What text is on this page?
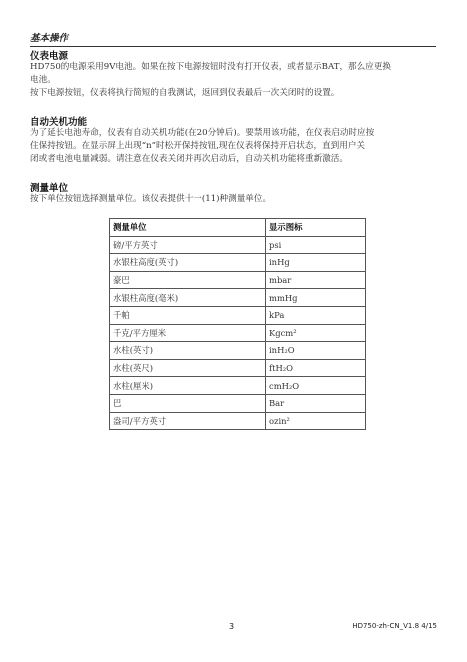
基本操作
仪表电源
HD750的电源采用9V电池。如果在按下电源按钮时没有打开仪表，或者显示BAT，那么应更换
电池。
按下电源按钮，仪表将执行简短的自我测试，返回到仪表最后一次关闭时的设置。
自动关机功能
为了延长电池寿命，仪表有自动关机功能(在20分钟后)。要禁用该功能，在仪表启动时应按
住保持按钮。在显示屏上出现“n”时松开保持按钮,现在仪表将保持开启状态，直到用户关
闭或者电池电量减弱。请注意在仪表关闭并再次启动后，自动关机功能将重新激活。
测量单位
按下单位按钮选择测量单位。该仪表提供十一(11)种测量单位。
测量单位	显示图标
磅/平方英寸	psi
水银柱高度(英寸)	inHg
豪巴	mbar
水银柱高度(毫米)	mmHg
千帕	kPa
千克/平方厘米	Kgcm²
水柱(英寸)	inH₂O
水柱(英尺)	ftH₂O
水柱(厘米)	cmH₂O
巴	Bar
盎司/平方英寸	ozin²
3	HD750-zh-CN_V1.8 4/15
